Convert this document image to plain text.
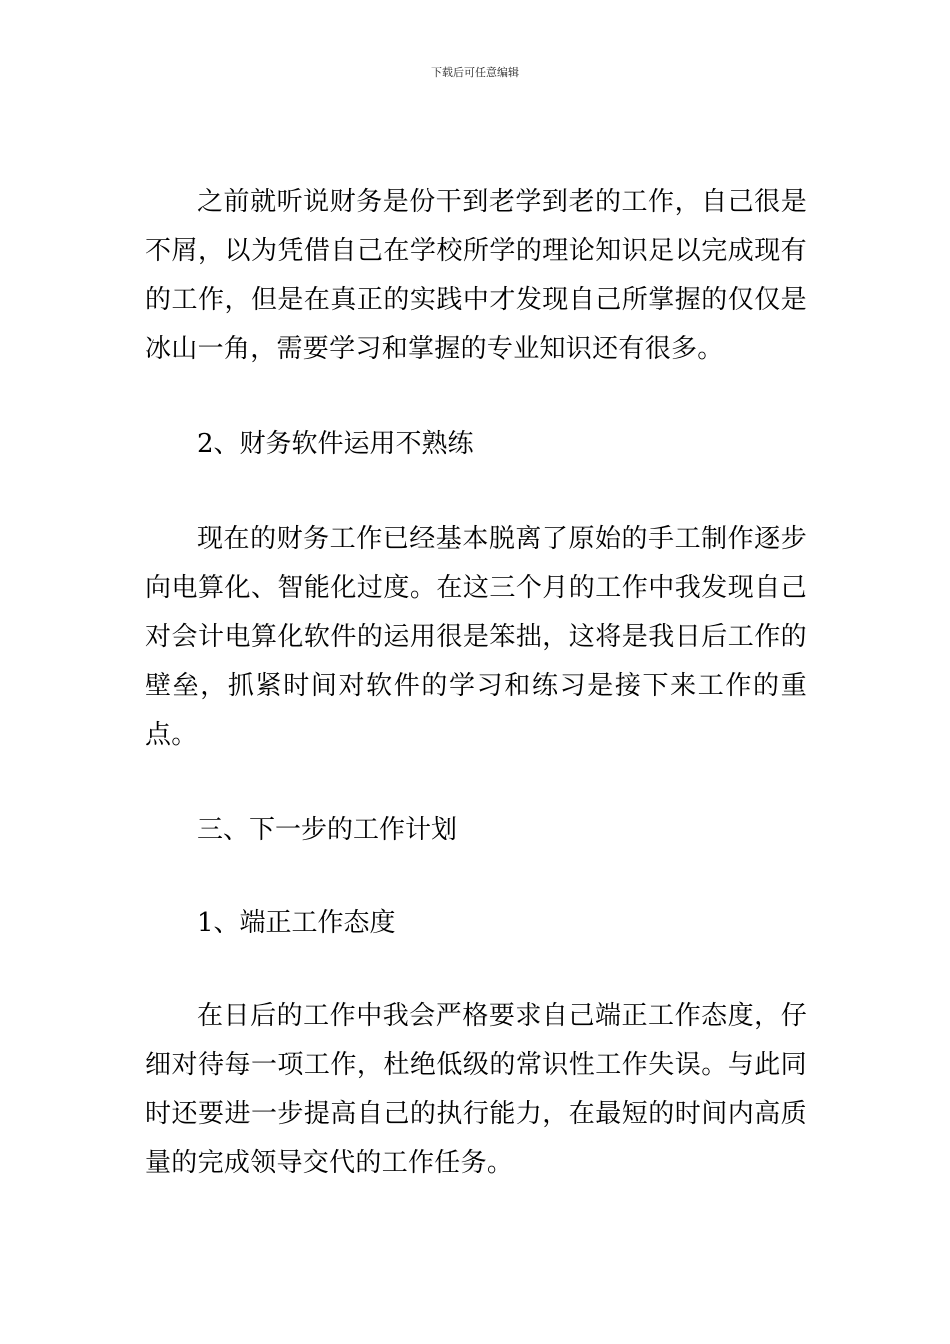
下载后可任意编辑

之前就听说财务是份干到老学到老的工作，自己很是不屑，以为凭借自己在学校所学的理论知识足以完成现有的工作，但是在真正的实践中才发现自己所掌握的仅仅是冰山一角，需要学习和掌握的专业知识还有很多。

2、财务软件运用不熟练

现在的财务工作已经基本脱离了原始的手工制作逐步向电算化、智能化过度。在这三个月的工作中我发现自己对会计电算化软件的运用很是笨拙，这将是我日后工作的壁垒，抓紧时间对软件的学习和练习是接下来工作的重点。

三、下一步的工作计划

1、端正工作态度

在日后的工作中我会严格要求自己端正工作态度，仔细对待每一项工作，杜绝低级的常识性工作失误。与此同时还要进一步提高自己的执行能力，在最短的时间内高质量的完成领导交代的工作任务。
